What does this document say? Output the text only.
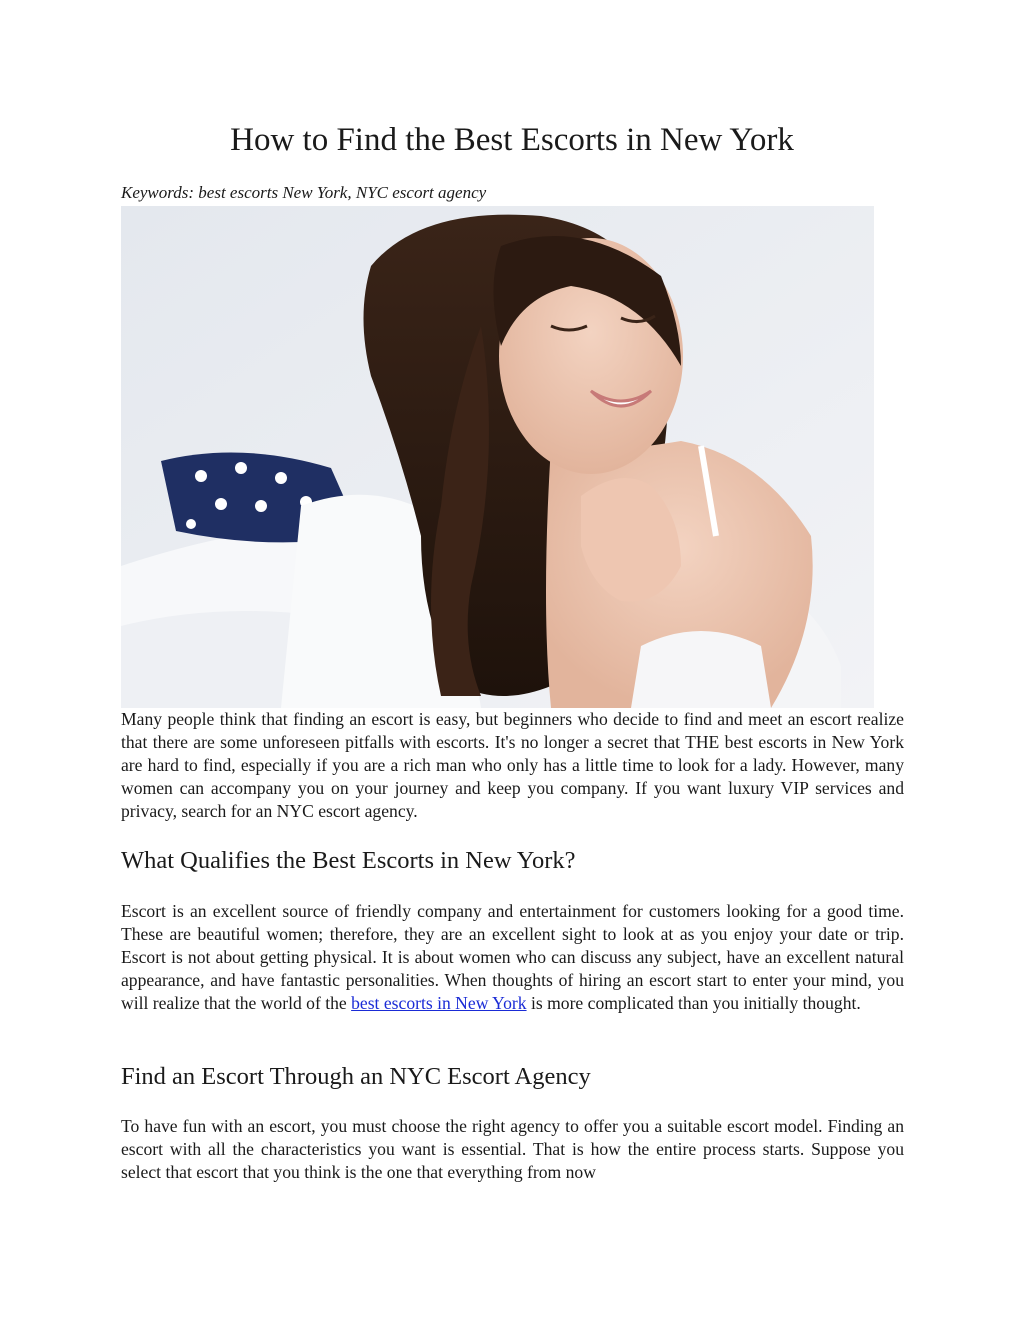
How to Find the Best Escorts in New York

Keywords: best escorts New York, NYC escort agency

Many people think that finding an escort is easy, but beginners who decide to find and meet an escort realize that there are some unforeseen pitfalls with escorts. It's no longer a secret that THE best escorts in New York are hard to find, especially if you are a rich man who only has a little time to look for a lady. However, many women can accompany you on your journey and keep you company. If you want luxury VIP services and privacy, search for an NYC escort agency.

What Qualifies the Best Escorts in New York?

Escort is an excellent source of friendly company and entertainment for customers looking for a good time. These are beautiful women; therefore, they are an excellent sight to look at as you enjoy your date or trip. Escort is not about getting physical. It is about women who can discuss any subject, have an excellent natural appearance, and have fantastic personalities. When thoughts of hiring an escort start to enter your mind, you will realize that the world of the best escorts in New York is more complicated than you initially thought.

Find an Escort Through an NYC Escort Agency

To have fun with an escort, you must choose the right agency to offer you a suitable escort model. Finding an escort with all the characteristics you want is essential. That is how the entire process starts. Suppose you select that escort that you think is the one that everything from now
